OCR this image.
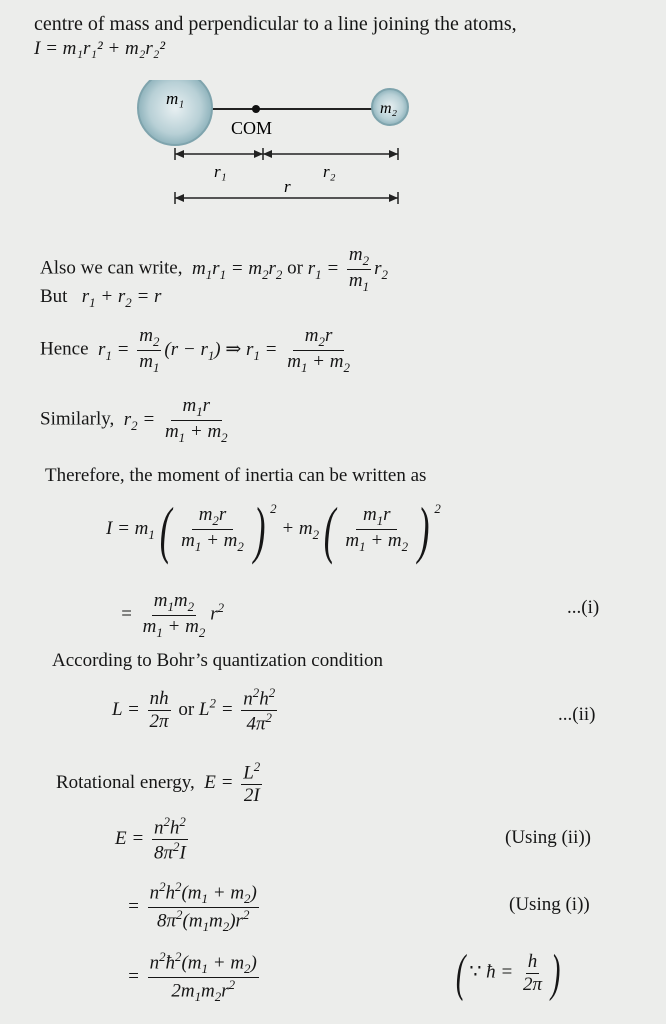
centre of mass and perpendicular to a line joining the atoms,
I = m₁r₁² + m₂r₂²
m₁
m₂
COM
r₁	r₂
r
Also we can write,  $m_1r_1 = m_2r_2$ or $r_1 = \frac{m_2}{m_1} r_2$
But   $r_1 + r_2 = r$
Hence  $r_1 = \frac{m_2}{m_1} (r - r_1)$ ⇒ $r_1 = \frac{m_2r}{m_1 + m_2}$
Similarly,  $r_2 = \frac{m_1r}{m_1 + m_2}$
Therefore, the moment of inertia can be written as
$I = m_1( \frac{m_2r}{m_1 + m_2}$ ) $^2 + m_2( \frac{m_1r}{m_1 + m_2}$ ) $^2$
= $\frac{m_1m_2}{m_1 + m_2} r^2$	...(i)
According to Bohr’s quantization condition
$L = \frac{nh}{2\pi}$ or $L^2 = \frac{n^2h^2}{4\pi^2}$	...(ii)
Rotational energy,  $E = \frac{L^2}{2I}$
$E = \frac{n^2h^2}{8\pi^2I}$	(Using (ii))
= $\frac{n^2h^2(m_1 + m_2)}{8\pi^2(m_1m_2)r^2}$	(Using (i))
= $\frac{n^2ħ^2(m_1 + m_2)}{2m_1m_2r^2}$	( ∵ ħ = $\frac{h}{2\pi}$ )
